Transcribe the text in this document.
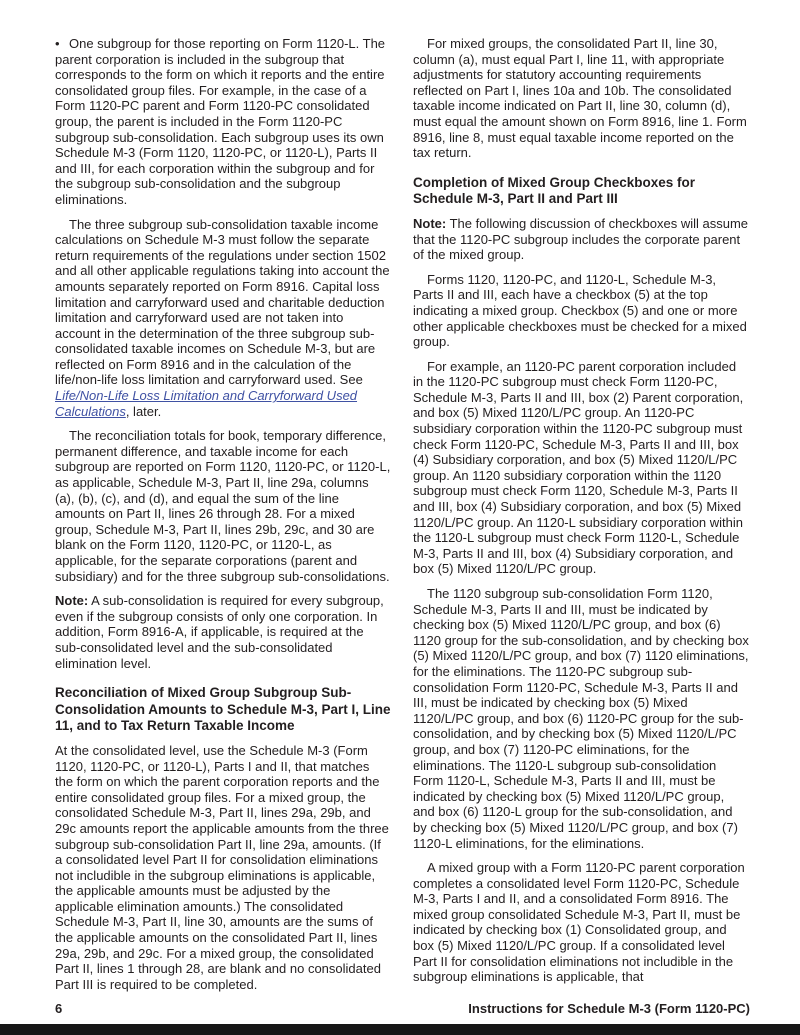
• One subgroup for those reporting on Form 1120-L. The parent corporation is included in the subgroup that corresponds to the form on which it reports and the entire consolidated group files. For example, in the case of a Form 1120-PC parent and Form 1120-PC consolidated group, the parent is included in the Form 1120-PC subgroup sub-consolidation. Each subgroup uses its own Schedule M-3 (Form 1120, 1120-PC, or 1120-L), Parts II and III, for each corporation within the subgroup and for the subgroup sub-consolidation and the subgroup eliminations.

The three subgroup sub-consolidation taxable income calculations on Schedule M-3 must follow the separate return requirements of the regulations under section 1502 and all other applicable regulations taking into account the amounts separately reported on Form 8916. Capital loss limitation and carryforward used and charitable deduction limitation and carryforward used are not taken into account in the determination of the three subgroup sub-consolidated taxable incomes on Schedule M-3, but are reflected on Form 8916 and in the calculation of the life/non-life loss limitation and carryforward used. See Life/Non-Life Loss Limitation and Carryforward Used Calculations, later.

The reconciliation totals for book, temporary difference, permanent difference, and taxable income for each subgroup are reported on Form 1120, 1120-PC, or 1120-L, as applicable, Schedule M-3, Part II, line 29a, columns (a), (b), (c), and (d), and equal the sum of the line amounts on Part II, lines 26 through 28. For a mixed group, Schedule M-3, Part II, lines 29b, 29c, and 30 are blank on the Form 1120, 1120-PC, or 1120-L, as applicable, for the separate corporations (parent and subsidiary) and for the three subgroup sub-consolidations.

Note: A sub-consolidation is required for every subgroup, even if the subgroup consists of only one corporation. In addition, Form 8916-A, if applicable, is required at the sub-consolidated level and the sub-consolidated elimination level.

Reconciliation of Mixed Group Subgroup Sub-Consolidation Amounts to Schedule M-3, Part I, Line 11, and to Tax Return Taxable Income

At the consolidated level, use the Schedule M-3 (Form 1120, 1120-PC, or 1120-L), Parts I and II, that matches the form on which the parent corporation reports and the entire consolidated group files. For a mixed group, the consolidated Schedule M-3, Part II, lines 29a, 29b, and 29c amounts report the applicable amounts from the three subgroup sub-consolidation Part II, line 29a, amounts. (If a consolidated level Part II for consolidation eliminations not includible in the subgroup eliminations is applicable, the applicable amounts must be adjusted by the applicable elimination amounts.) The consolidated Schedule M-3, Part II, line 30, amounts are the sums of the applicable amounts on the consolidated Part II, lines 29a, 29b, and 29c. For a mixed group, the consolidated Part II, lines 1 through 28, are blank and no consolidated Part III is required to be completed.

For mixed groups, the consolidated Part II, line 30, column (a), must equal Part I, line 11, with appropriate adjustments for statutory accounting requirements reflected on Part I, lines 10a and 10b. The consolidated taxable income indicated on Part II, line 30, column (d), must equal the amount shown on Form 8916, line 1. Form 8916, line 8, must equal taxable income reported on the tax return.

Completion of Mixed Group Checkboxes for Schedule M-3, Part II and Part III

Note: The following discussion of checkboxes will assume that the 1120-PC subgroup includes the corporate parent of the mixed group.

Forms 1120, 1120-PC, and 1120-L, Schedule M-3, Parts II and III, each have a checkbox (5) at the top indicating a mixed group. Checkbox (5) and one or more other applicable checkboxes must be checked for a mixed group.

For example, an 1120-PC parent corporation included in the 1120-PC subgroup must check Form 1120-PC, Schedule M-3, Parts II and III, box (2) Parent corporation, and box (5) Mixed 1120/L/PC group. An 1120-PC subsidiary corporation within the 1120-PC subgroup must check Form 1120-PC, Schedule M-3, Parts II and III, box (4) Subsidiary corporation, and box (5) Mixed 1120/L/PC group. An 1120 subsidiary corporation within the 1120 subgroup must check Form 1120, Schedule M-3, Parts II and III, box (4) Subsidiary corporation, and box (5) Mixed 1120/L/PC group. An 1120-L subsidiary corporation within the 1120-L subgroup must check Form 1120-L, Schedule M-3, Parts II and III, box (4) Subsidiary corporation, and box (5) Mixed 1120/L/PC group.

The 1120 subgroup sub-consolidation Form 1120, Schedule M-3, Parts II and III, must be indicated by checking box (5) Mixed 1120/L/PC group, and box (6) 1120 group for the sub-consolidation, and by checking box (5) Mixed 1120/L/PC group, and box (7) 1120 eliminations, for the eliminations. The 1120-PC subgroup sub-consolidation Form 1120-PC, Schedule M-3, Parts II and III, must be indicated by checking box (5) Mixed 1120/L/PC group, and box (6) 1120-PC group for the sub-consolidation, and by checking box (5) Mixed 1120/L/PC group, and box (7) 1120-PC eliminations, for the eliminations. The 1120-L subgroup sub-consolidation Form 1120-L, Schedule M-3, Parts II and III, must be indicated by checking box (5) Mixed 1120/L/PC group, and box (6) 1120-L group for the sub-consolidation, and by checking box (5) Mixed 1120/L/PC group, and box (7) 1120-L eliminations, for the eliminations.

A mixed group with a Form 1120-PC parent corporation completes a consolidated level Form 1120-PC, Schedule M-3, Parts I and II, and a consolidated Form 8916. The mixed group consolidated Schedule M-3, Part II, must be indicated by checking box (1) Consolidated group, and box (5) Mixed 1120/L/PC group. If a consolidated level Part II for consolidation eliminations not includible in the subgroup eliminations is applicable, that

6	Instructions for Schedule M-3 (Form 1120-PC)
